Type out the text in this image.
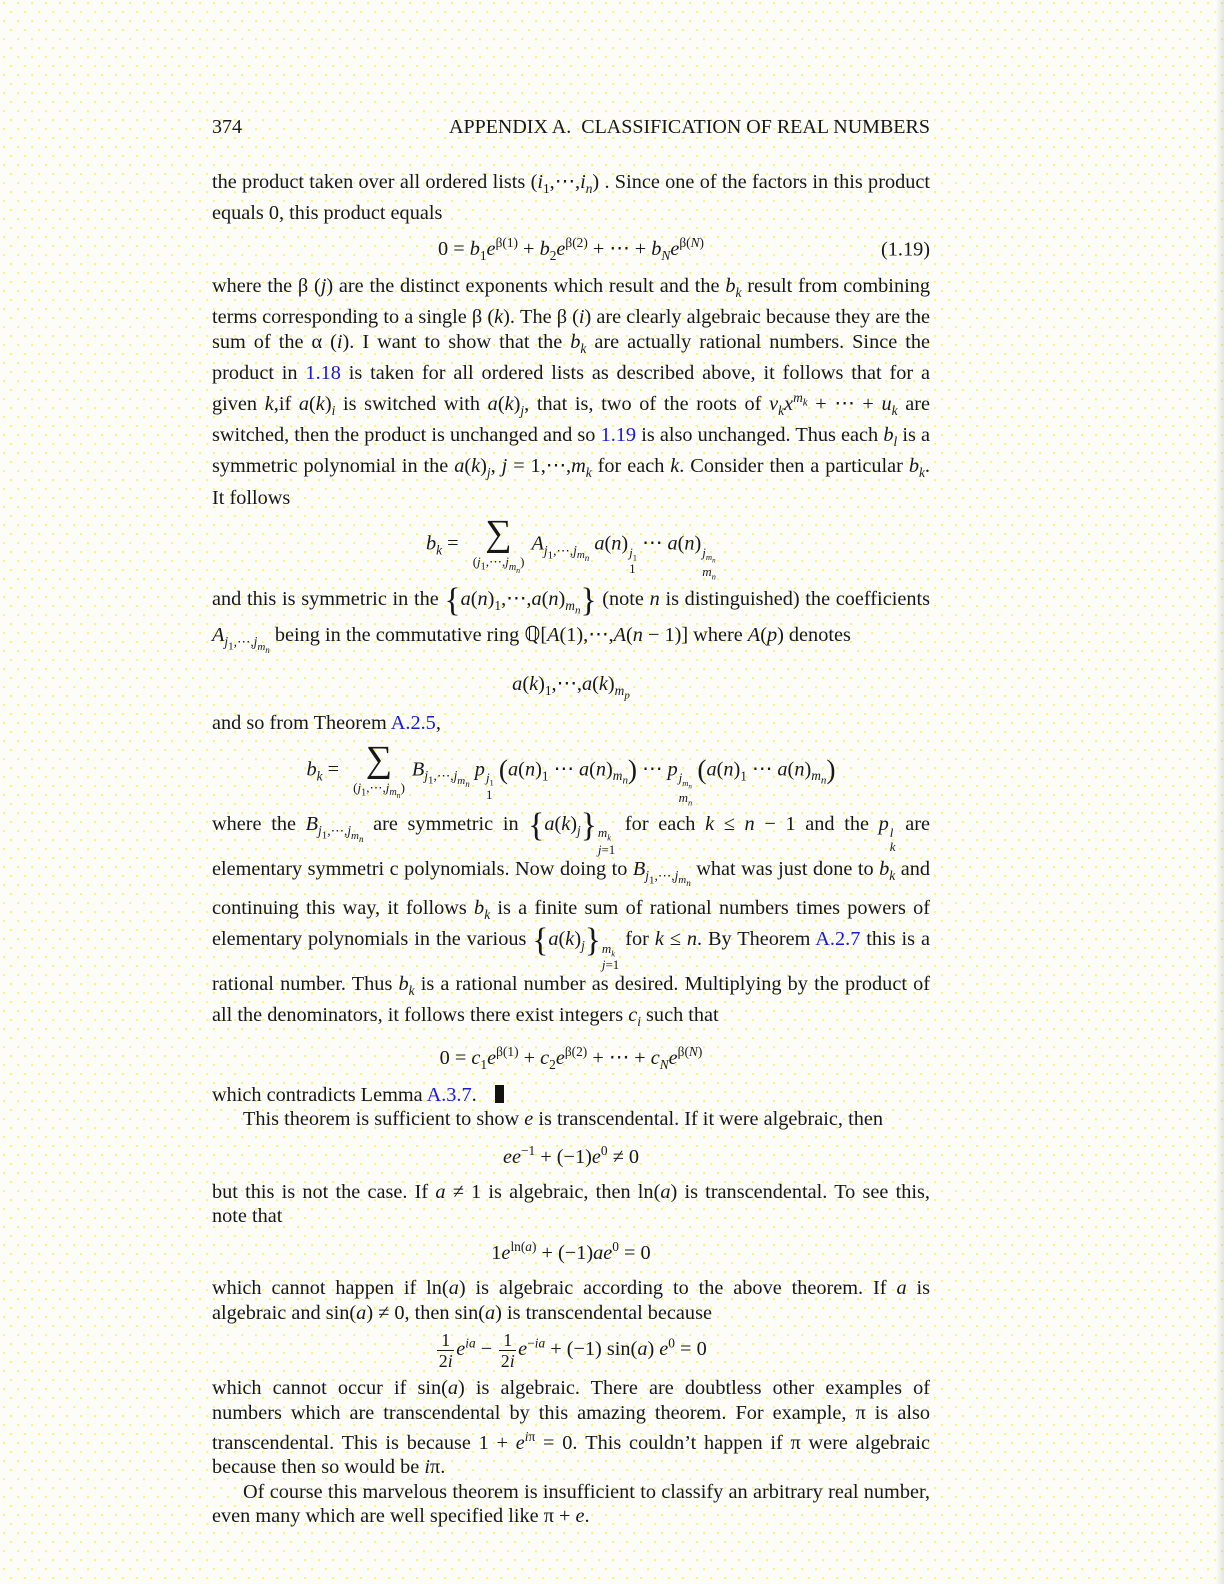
374	APPENDIX A.  CLASSIFICATION OF REAL NUMBERS

the product taken over all ordered lists $(i_1,\cdots,i_n)$ . Since one of the factors in this product equals 0, this product equals

$0 = b_1e^{\beta(1)} + b_2e^{\beta(2)}$ + ⋯ + $b_Ne^{\beta(N)}$	(1.19)

where the β (j) are the distinct exponents which result and the $b_k$ result from combining terms corresponding to a single β (k). The β (i) are clearly algebraic because they are the sum of the α (i). I want to show that the $b_k$ are actually rational numbers. Since the product in 1.18 is taken for all ordered lists as described above, it follows that for a given k,if $a(k)_i$ is switched with $a(k)_j$, that is, two of the roots of $v_kx^{m_k}$ + ⋯ + $u_k$ are switched, then the product is unchanged and so 1.19 is also unchanged. Thus each $b_l$ is a symmetric polynomial in the $a(k)_j$, $j = 1,\cdots,m_k$ for each k. Consider then a particular $b_k$. It follows

$b_k$ = ∑
$(j_1,\cdots,j_{m_n})$
$A_{j_1,\cdots,j_{m_n}}$ a(n) $j_1$
1
⋯ a(n) $j_{m_n}$
$m_n$

and this is symmetric in the $\{a(n)_1,\cdots,a(n)_{m_n}\}$ (note n is distinguished) the coefficients $A_{j_1,\cdots,j_{m_n}}$ being in the commutative ring ℚ[A(1),⋯,A(n − 1)] where A(p) denotes

$a(k)_1,\cdots,a(k)_{m_p}$

and so from Theorem A.2.5,

$b_k$ = ∑
$(j_1,\cdots,j_{m_n})$
$B_{j_1,\cdots,j_{m_n}}$ p $j_1$
1
($a(n)_1$ ⋯ $a(n)_{m_n}$) ⋯ p $j_{m_n}$
$m_n$
($a(n)_1$ ⋯ $a(n)_{m_n}$)

where the $B_{j_1,\cdots,j_{m_n}}$ are symmetric in $\{a(k)_j\}$ $m_k$
j=1
for each k ≤ n − 1 and the p l
k
are elementary symmetri c polynomials. Now doing to $B_{j_1,\cdots,j_{m_n}}$ what was just done to $b_k$ and continuing this way, it follows $b_k$ is a finite sum of rational numbers times powers of elementary polynomials in the various $\{a(k)_j\}$ $m_k$
j=1
for k ≤ n. By Theorem A.2.7 this is a rational number. Thus $b_k$ is a rational number as desired. Multiplying by the product of all the denominators, it follows there exist integers $c_i$ such that

$0 = c_1e^{\beta(1)} + c_2e^{\beta(2)}$ + ⋯ + $c_Ne^{\beta(N)}$

which contradicts Lemma A.3.7.

This theorem is sufficient to show e is transcendental. If it were algebraic, then

$ee^{-1} + (-1)e^0 \ne 0$

but this is not the case. If a ≠ 1 is algebraic, then ln(a) is transcendental. To see this, note that

$1e^{ln(a)} + (-1)ae^0 = 0$

which cannot happen if ln(a) is algebraic according to the above theorem. If a is algebraic and sin(a) ≠ 0, then sin(a) is transcendental because

$\frac{1}{2i} e^{ia} - \frac{1}{2i} e^{-ia} + (-1)$ sin(a) $e^0 = 0$

which cannot occur if sin(a) is algebraic. There are doubtless other examples of numbers which are transcendental by this amazing theorem. For example, π is also transcendental. This is because $1 + e^{i\pi} = 0$. This couldn’t happen if π were algebraic because then so would be iπ.

Of course this marvelous theorem is insufficient to classify an arbitrary real number, even many which are well specified like π + e.
